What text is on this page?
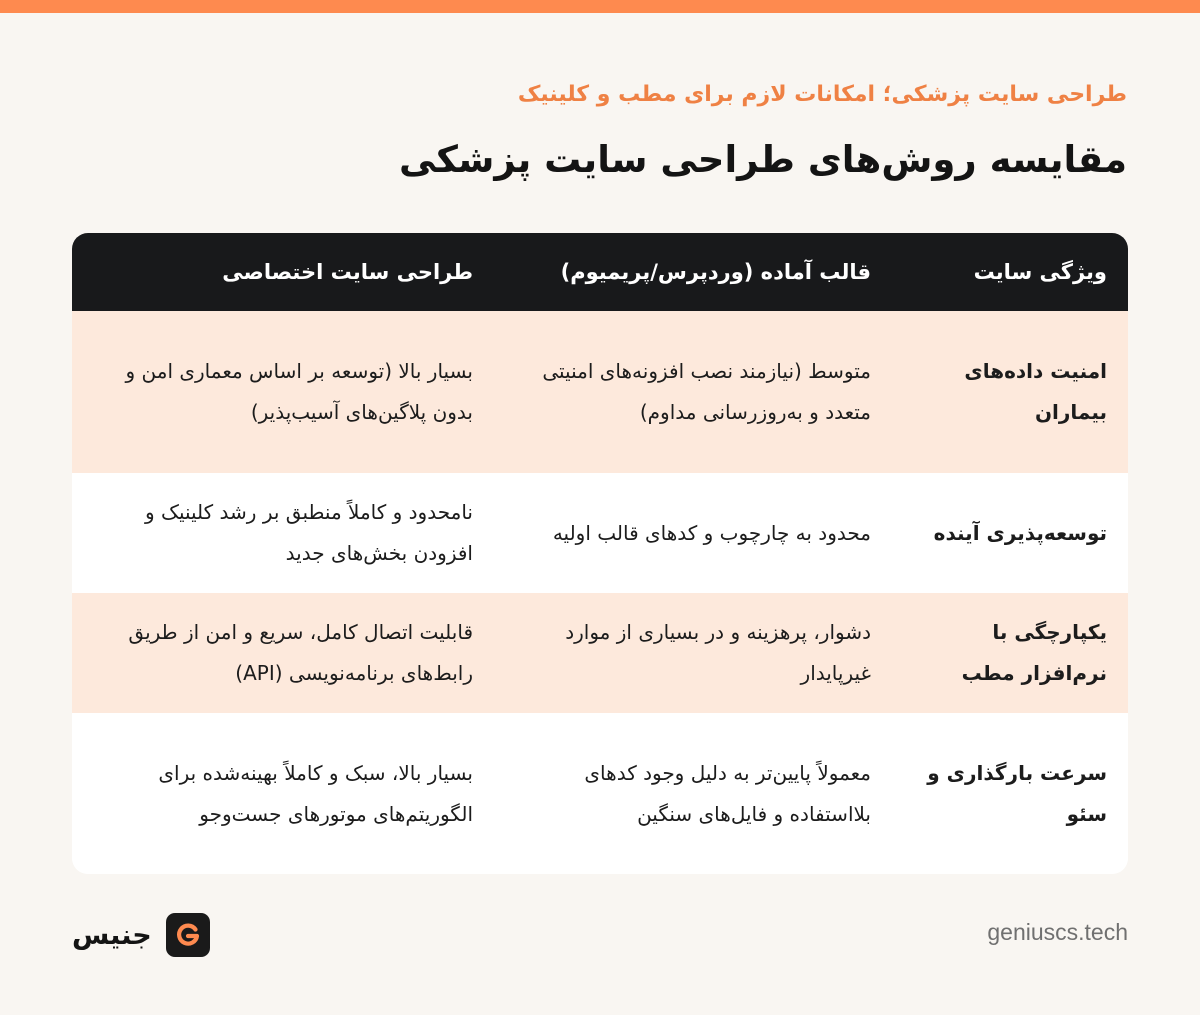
طراحی سایت پزشکی؛ امکانات لازم برای مطب و کلینیک
مقایسه روش‌های طراحی سایت پزشکی
ویژگی سایت
قالب آماده (وردپرس/پریمیوم)
طراحی سایت اختصاصی
امنیت داده‌های بیماران
متوسط (نیازمند نصب افزونه‌های امنیتی متعدد و به‌روزرسانی مداوم)
بسیار بالا (توسعه بر اساس معماری امن و بدون پلاگین‌های آسیب‌پذیر)
توسعه‌پذیری آینده
محدود به چارچوب و کدهای قالب اولیه
نامحدود و کاملاً منطبق بر رشد کلینیک و افزودن بخش‌های جدید
یکپارچگی با نرم‌افزار مطب
دشوار، پرهزینه و در بسیاری از موارد غیرپایدار
قابلیت اتصال کامل، سریع و امن از طریق رابط‌های برنامه‌نویسی (API)
سرعت بارگذاری و سئو
معمولاً پایین‌تر به دلیل وجود کدهای بلااستفاده و فایل‌های سنگین
بسیار بالا، سبک و کاملاً بهینه‌شده برای الگوریتم‌های موتورهای جست‌وجو
جنیس	geniuscs.tech
